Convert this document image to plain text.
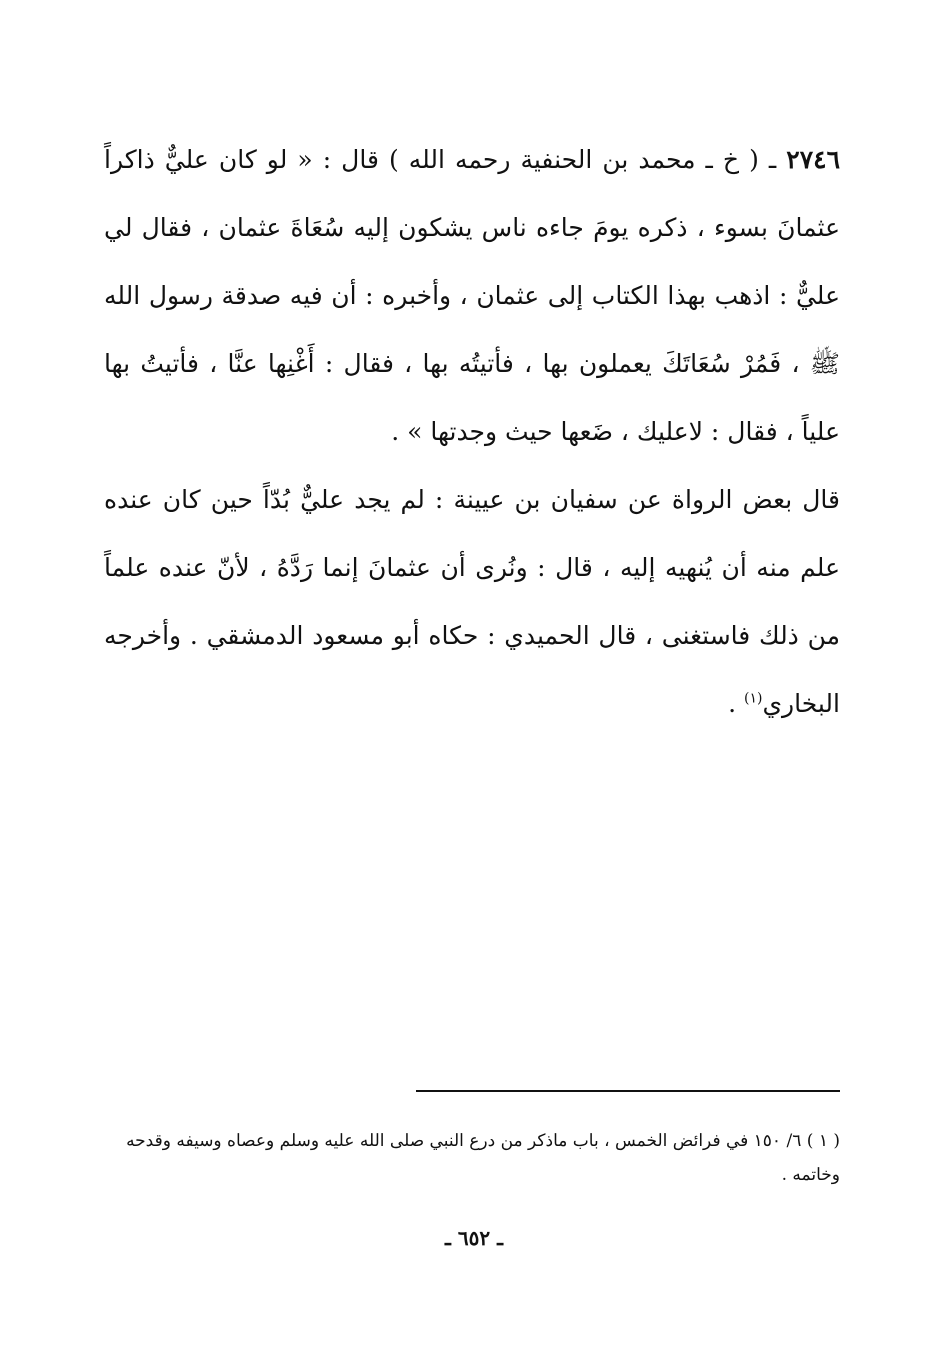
٢٧٤٦ ـ ( خ ـ محمد بن الحنفية رحمه الله ) قال : « لو كان عليٌّ ذاكراً عثمانَ بسوء ، ذكره يومَ جاءه ناس يشكون إليه سُعَاةَ عثمان ، فقال لي عليٌّ : اذهب بهذا الكتاب إلى عثمان ، وأخبره : أن فيه صدقة رسول الله ﷺ ، فَمُرْ سُعَاتَكَ يعملون بها ، فأتيتُه بها ، فقال : أَغْنِها عنَّا ، فأتيتُ بها علياً ، فقال : لاعليك ، ضَعها حيث وجدتها » .
قال بعض الرواة عن سفيان بن عيينة : لم يجد عليٌّ بُدّاً حين كان عنده علم منه أن يُنهيه إليه ، قال : ونُرى أن عثمانَ إنما رَدَّهُ ، لأنّ عنده علماً من ذلك فاستغنى ، قال الحميدي : حكاه أبو مسعود الدمشقي . وأخرجه البخاري$^{(١)}$ .
( ١ ) ٦/ ١٥٠ في فرائض الخمس ، باب ماذكر من درع النبي صلى الله عليه وسلم وعصاه وسيفه وقدحه وخاتمه .
ـ ٦٥٢ ـ
